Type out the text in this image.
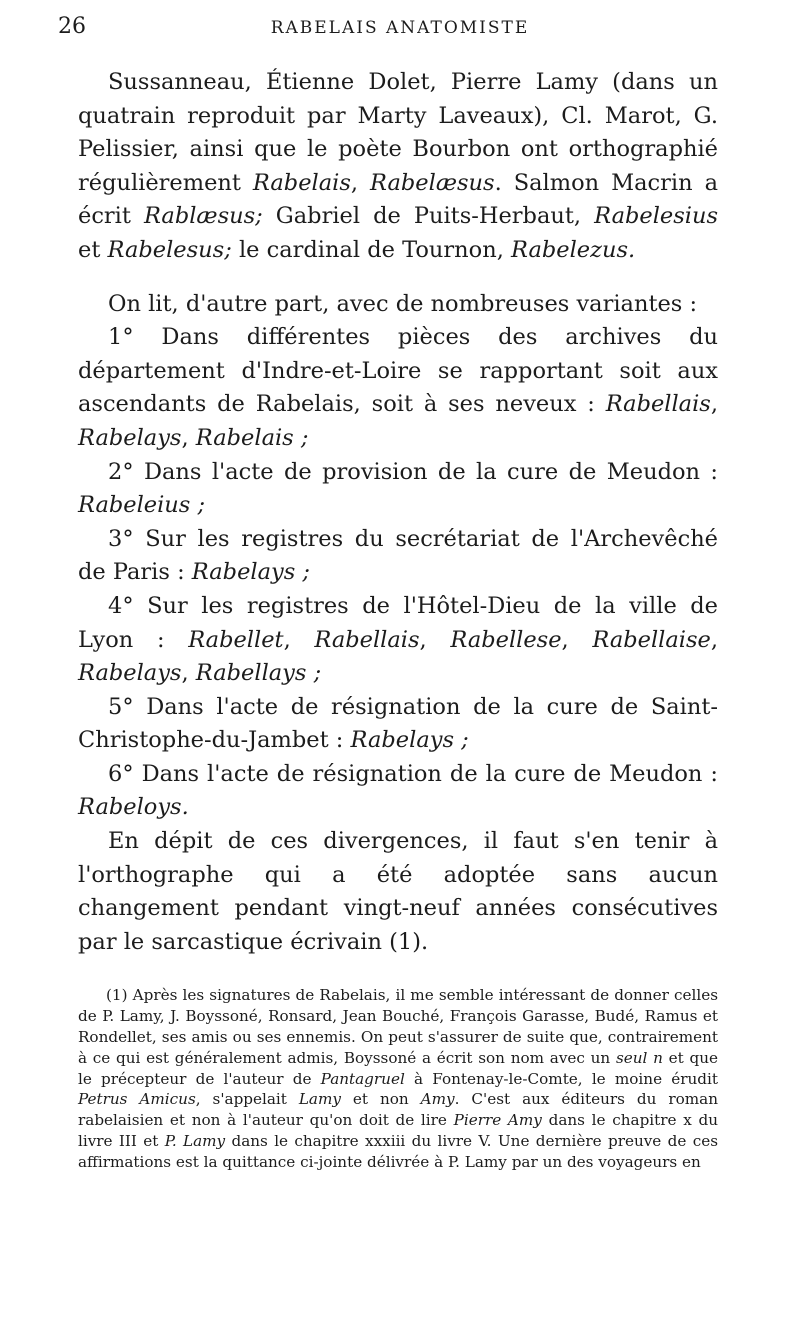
26	RABELAIS ANATOMISTE

Sussanneau, Étienne Dolet, Pierre Lamy (dans un quatrain reproduit par Marty Laveaux), Cl. Marot, G. Pelissier, ainsi que le poète Bourbon ont orthographié régulièrement Rabelais, Rabelæsus. Salmon Macrin a écrit Rablæsus; Gabriel de Puits-Herbaut, Rabelesius et Rabelesus; le cardinal de Tournon, Rabelezus.

On lit, d'autre part, avec de nombreuses variantes :

1° Dans différentes pièces des archives du département d'Indre-et-Loire se rapportant soit aux ascendants de Rabelais, soit à ses neveux : Rabellais, Rabelays, Rabelais ;

2° Dans l'acte de provision de la cure de Meudon : Rabeleius ;

3° Sur les registres du secrétariat de l'Archevêché de Paris : Rabelays ;

4° Sur les registres de l'Hôtel-Dieu de la ville de Lyon : Rabellet, Rabellais, Rabellese, Rabellaise, Rabelays, Rabellays ;

5° Dans l'acte de résignation de la cure de Saint-Christophe-du-Jambet : Rabelays ;

6° Dans l'acte de résignation de la cure de Meudon : Rabeloys.

En dépit de ces divergences, il faut s'en tenir à l'orthographe qui a été adoptée sans aucun changement pendant vingt-neuf années consécutives par le sarcastique écrivain (1).

(1) Après les signatures de Rabelais, il me semble intéressant de donner celles de P. Lamy, J. Boyssoné, Ronsard, Jean Bouché, François Garasse, Budé, Ramus et Rondellet, ses amis ou ses ennemis. On peut s'assurer de suite que, contrairement à ce qui est généralement admis, Boyssoné a écrit son nom avec un seul n et que le précepteur de l'auteur de Pantagruel à Fontenay-le-Comte, le moine érudit Petrus Amicus, s'appelait Lamy et non Amy. C'est aux éditeurs du roman rabelaisien et non à l'auteur qu'on doit de lire Pierre Amy dans le chapitre x du livre III et P. Lamy dans le chapitre xxxiii du livre V. Une dernière preuve de ces affirmations est la quittance ci-jointe délivrée à P. Lamy par un des voyageurs en
